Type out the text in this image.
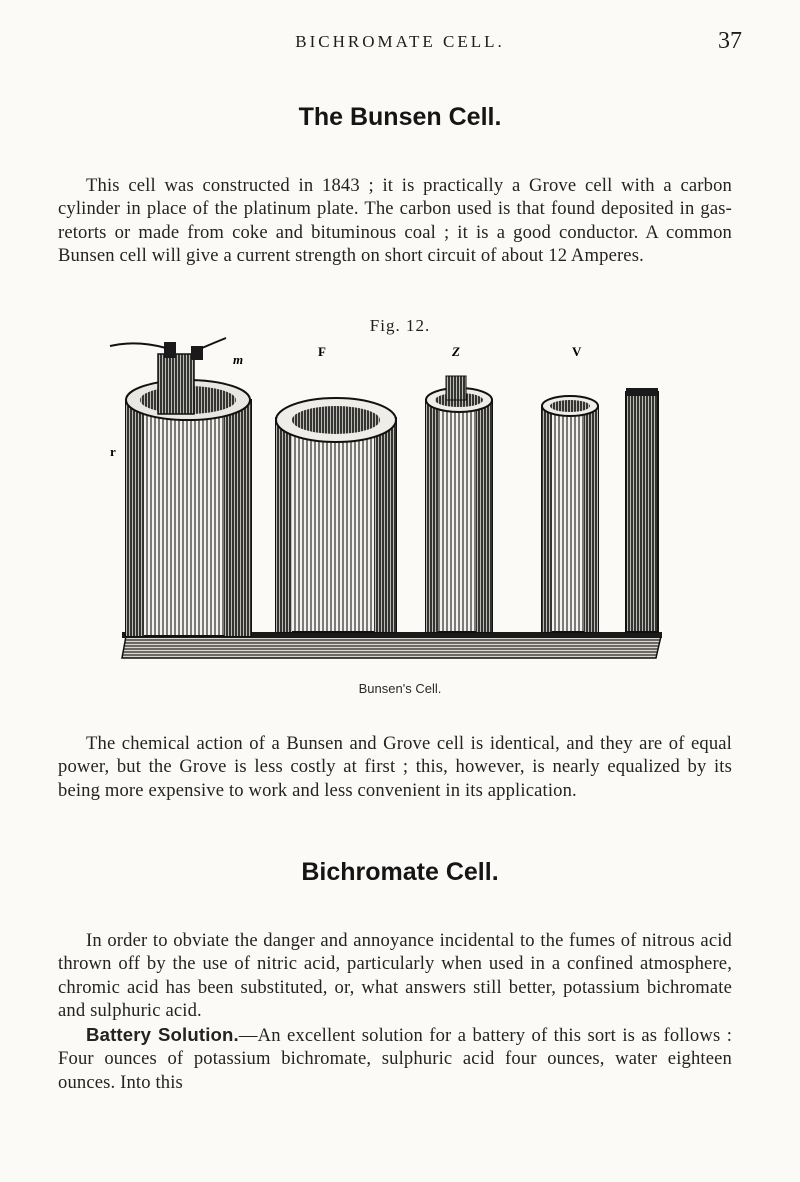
BICHROMATE CELL.	37
The Bunsen Cell.

This cell was constructed in 1843 ; it is practically a Grove cell with a carbon cylinder in place of the platinum plate. The carbon used is that found deposited in gas-retorts or made from coke and bituminous coal ; it is a good conductor. A common Bunsen cell will give a current strength on short circuit of about 12 Amperes.

Fig. 12.
r
m
F	Z	V
Bunsen's Cell.

The chemical action of a Bunsen and Grove cell is identical, and they are of equal power, but the Grove is less costly at first ; this, however, is nearly equalized by its being more expensive to work and less convenient in its application.

Bichromate Cell.

In order to obviate the danger and annoyance incidental to the fumes of nitrous acid thrown off by the use of nitric acid, particularly when used in a confined atmosphere, chromic acid has been substituted, or, what answers still better, potassium bichromate and sulphuric acid.

Battery Solution.—An excellent solution for a battery of this sort is as follows : Four ounces of potassium bichromate, sulphuric acid four ounces, water eighteen ounces. Into this
